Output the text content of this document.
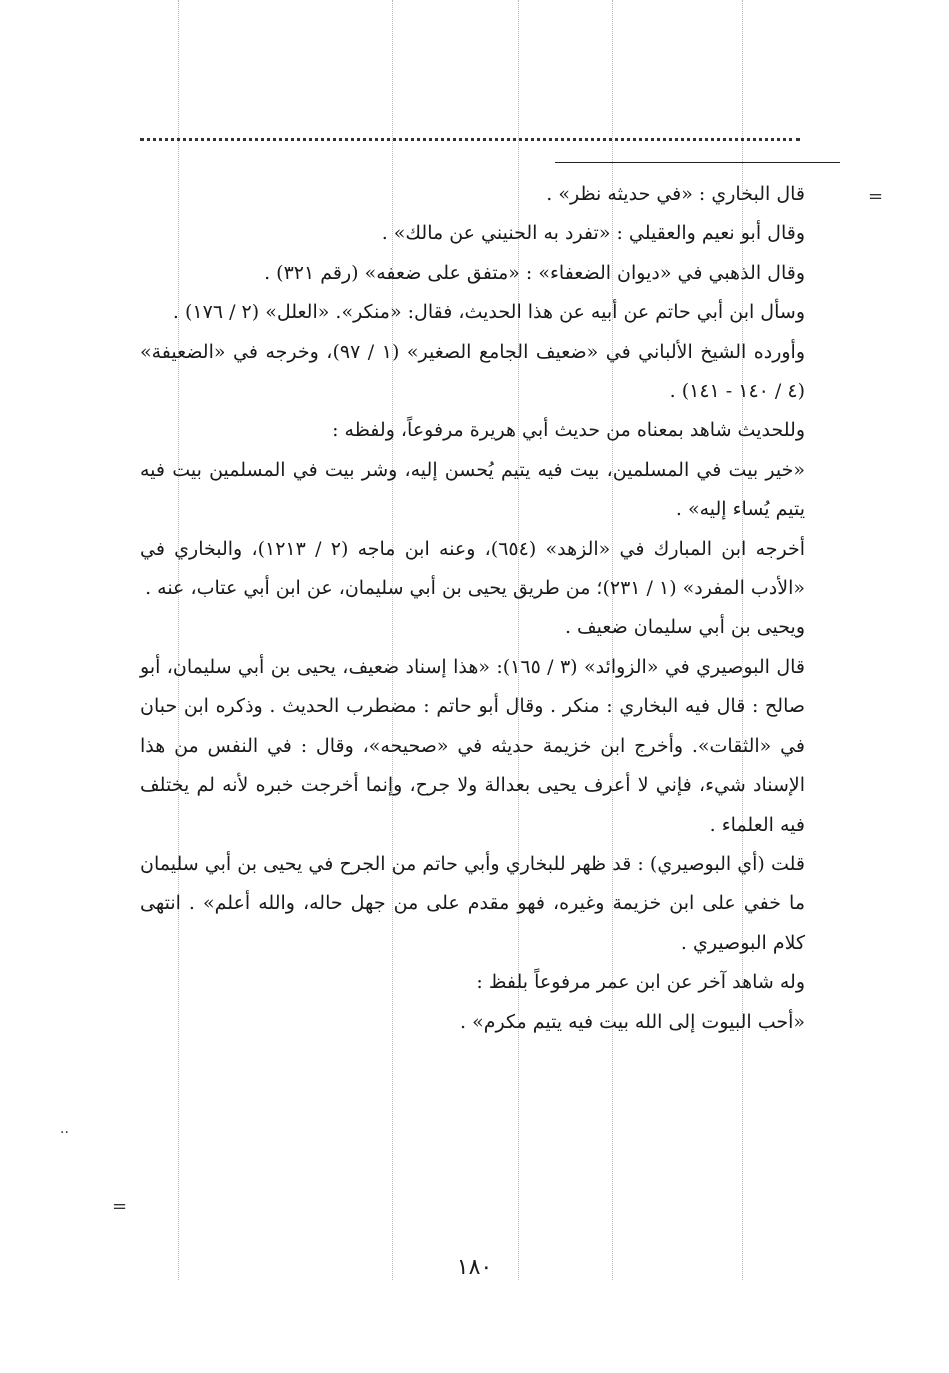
=
=
··

قال البخاري : «في حديثه نظر» .

وقال أبو نعيم والعقيلي : «تفرد به الحنيني عن مالك» .

وقال الذهبي في «ديوان الضعفاء» : «متفق على ضعفه» (رقم ٣٢١) .

وسأل ابن أبي حاتم عن أبيه عن هذا الحديث، فقال: «منكر». «العلل» (٢ / ١٧٦) .

وأورده الشيخ الألباني في «ضعيف الجامع الصغير» (١ / ٩٧)، وخرجه في «الضعيفة» (٤ / ١٤٠ - ١٤١) .

وللحديث شاهد بمعناه من حديث أبي هريرة مرفوعاً، ولفظه :

«خير بيت في المسلمين، بيت فيه يتيم يُحسن إليه، وشر بيت في المسلمين بيت فيه يتيم يُساء إليه» .

أخرجه ابن المبارك في «الزهد» (٦٥٤)، وعنه ابن ماجه (٢ / ١٢١٣)، والبخاري في «الأدب المفرد» (١ / ٢٣١)؛ من طريق يحيى بن أبي سليمان، عن ابن أبي عتاب، عنه .

ويحيى بن أبي سليمان ضعيف .

قال البوصيري في «الزوائد» (٣ / ١٦٥): «هذا إسناد ضعيف، يحيى بن أبي سليمان، أبو صالح : قال فيه البخاري : منكر . وقال أبو حاتم : مضطرب الحديث . وذكره ابن حبان في «الثقات». وأخرج ابن خزيمة حديثه في «صحيحه»، وقال : في النفس من هذا الإسناد شيء، فإني لا أعرف يحيى بعدالة ولا جرح، وإنما أخرجت خبره لأنه لم يختلف فيه العلماء .

قلت (أي البوصيري) : قد ظهر للبخاري وأبي حاتم من الجرح في يحيى بن أبي سليمان ما خفي على ابن خزيمة وغيره، فهو مقدم على من جهل حاله، والله أعلم» . انتهى كلام البوصيري .

وله شاهد آخر عن ابن عمر مرفوعاً بلفظ :

«أحب البيوت إلى الله بيت فيه يتيم مكرم» .

١٨٠
